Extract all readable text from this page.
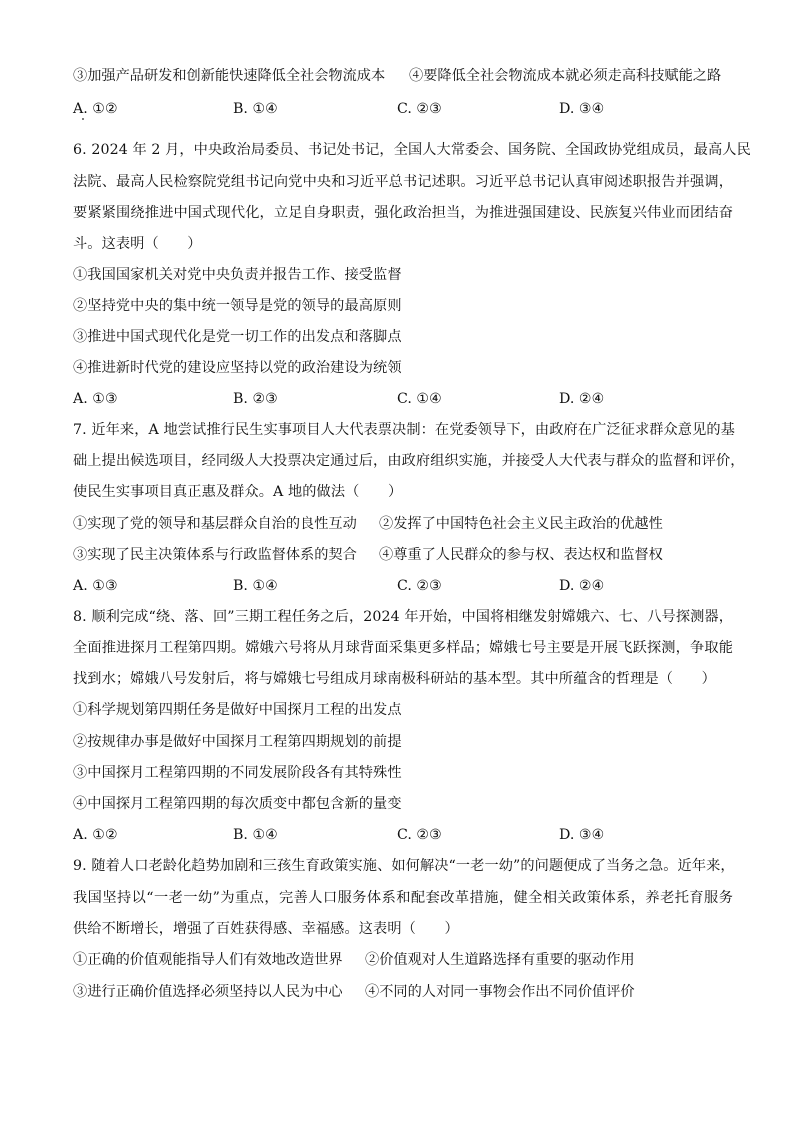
③加强产品研发和创新能快速降低全社会物流成本 ④要降低全社会物流成本就必须走高科技赋能之路
A. ①②	B. ①④	C. ②③	D. ③④
6. 2024 年 2 月，中央政治局委员、书记处书记，全国人大常委会、国务院、全国政协党组成员，最高人民
法院、最高人民检察院党组书记向党中央和习近平总书记述职。习近平总书记认真审阅述职报告并强调，
要紧紧围绕推进中国式现代化，立足自身职责，强化政治担当，为推进强国建设、民族复兴伟业而团结奋
斗。这表明（　　）
①我国国家机关对党中央负责并报告工作、接受监督
②坚持党中央的集中统一领导是党的领导的最高原则
③推进中国式现代化是党一切工作的出发点和落脚点
④推进新时代党的建设应坚持以党的政治建设为统领
A. ①③	B. ②③	C. ①④	D. ②④
7. 近年来，A 地尝试推行民生实事项目人大代表票决制：在党委领导下，由政府在广泛征求群众意见的基
础上提出候选项目，经同级人大投票决定通过后，由政府组织实施，并接受人大代表与群众的监督和评价，
使民生实事项目真正惠及群众。A 地的做法（　　）
①实现了党的领导和基层群众自治的良性互动 ②发挥了中国特色社会主义民主政治的优越性
③实现了民主决策体系与行政监督体系的契合 ④尊重了人民群众的参与权、表达权和监督权
A. ①③	B. ①④	C. ②③	D. ②④
8. 顺利完成“绕、落、回”三期工程任务之后，2024 年开始，中国将相继发射嫦娥六、七、八号探测器，
全面推进探月工程第四期。嫦娥六号将从月球背面采集更多样品；嫦娥七号主要是开展飞跃探测，争取能
找到水；嫦娥八号发射后，将与嫦娥七号组成月球南极科研站的基本型。其中所蕴含的哲理是（　　）
①科学规划第四期任务是做好中国探月工程的出发点
②按规律办事是做好中国探月工程第四期规划的前提
③中国探月工程第四期的不同发展阶段各有其特殊性
④中国探月工程第四期的每次质变中都包含新的量变
A. ①②	B. ①④	C. ②③	D. ③④
9. 随着人口老龄化趋势加剧和三孩生育政策实施、如何解决“一老一幼”的问题便成了当务之急。近年来，
我国坚持以“一老一幼”为重点，完善人口服务体系和配套改革措施，健全相关政策体系，养老托育服务
供给不断增长，增强了百姓获得感、幸福感。这表明（　　）
①正确的价值观能指导人们有效地改造世界 ②价值观对人生道路选择有重要的驱动作用
③进行正确价值选择必须坚持以人民为中心 ④不同的人对同一事物会作出不同价值评价
